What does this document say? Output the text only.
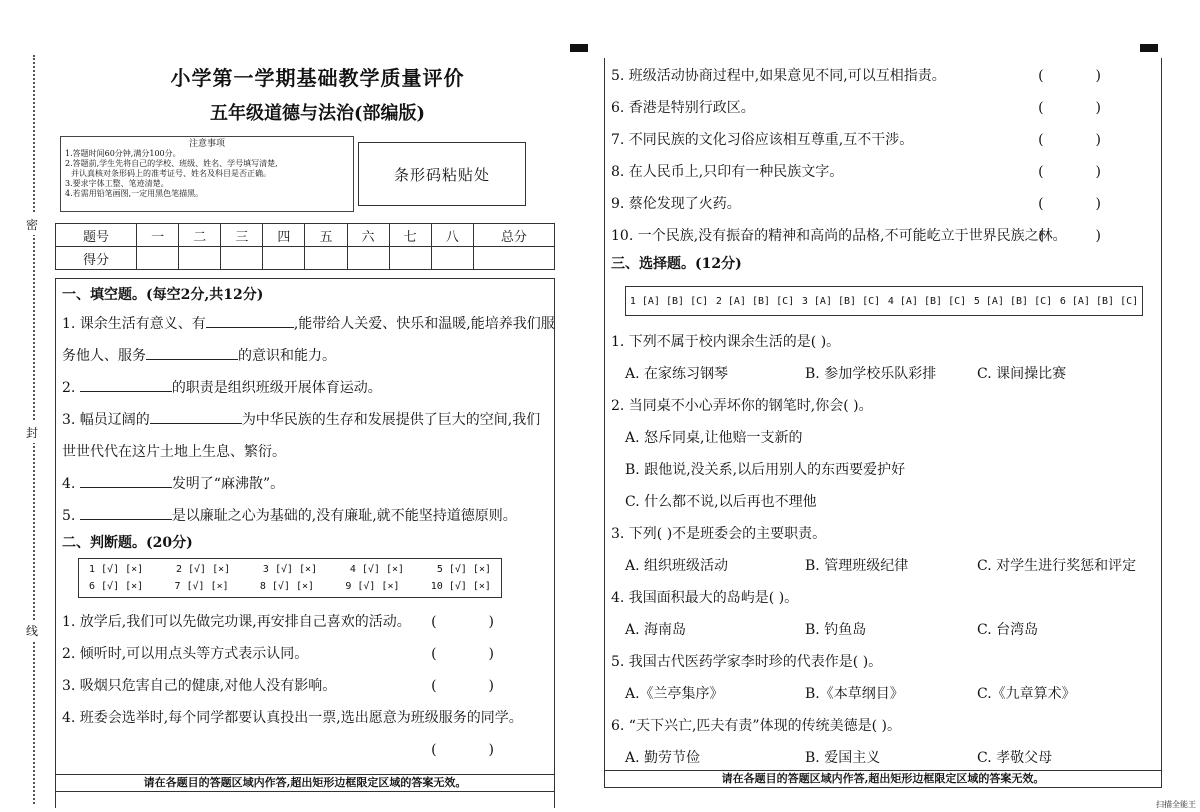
密
封
线
小学第一学期基础教学质量评价
五年级道德与法治(部编版)
注意事项
1.答题时间60分钟,满分100分。
2.答题前,学生先将自己的学校、班级、姓名、学号填写清楚,
并认真核对条形码上的准考证号、姓名及科目是否正确。
3.要求字体工整、笔迹清楚。
4.若需用铅笔画图,一定用黑色笔描黑。
条形码粘贴处
题号	一	二	三	四	五	六	七	八	总分
得分									
一、填空题。(每空2分,共12分)
1. 课余生活有意义、有	,能带给人关爱、快乐和温暖,能培养我们服
务他人、服务	的意识和能力。
2.	的职责是组织班级开展体育运动。
3. 幅员辽阔的	为中华民族的生存和发展提供了巨大的空间,我们
世世代代在这片土地上生息、繁衍。
4.	发明了“麻沸散”。
5.	是以廉耻之心为基础的,没有廉耻,就不能坚持道德原则。
二、判断题。(20分)
1 [√] [×]	2 [√] [×]	3 [√] [×]	4 [√] [×]	5 [√] [×]
6 [√] [×]	7 [√] [×]	8 [√] [×]	9 [√] [×]	10 [√] [×]
1. 放学后,我们可以先做完功课,再安排自己喜欢的活动。 ()
2. 倾听时,可以用点头等方式表示认同。	()
3. 吸烟只危害自己的健康,对他人没有影响。	()
4. 班委会选举时,每个同学都要认真投出一票,选出愿意为班级服务的同学。
()
请在各题目的答题区域内作答,超出矩形边框限定区域的答案无效。
5. 班级活动协商过程中,如果意见不同,可以互相指责。	()
6. 香港是特别行政区。	()
7. 不同民族的文化习俗应该相互尊重,互不干涉。	()
8. 在人民币上,只印有一种民族文字。	()
9. 蔡伦发现了火药。	()
10. 一个民族,没有振奋的精神和高尚的品格,不可能屹立于世界民族之林。
()
三、选择题。(12分)
1 [A] [B] [C] 2 [A] [B] [C] 3 [A] [B] [C] 4 [A] [B] [C] 5 [A] [B] [C] 6 [A] [B] [C]
1. 下列不属于校内课余生活的是( )。
A. 在家练习钢琴	B. 参加学校乐队彩排	C. 课间操比赛
2. 当同桌不小心弄坏你的钢笔时,你会( )。
A. 怒斥同桌,让他赔一支新的
B. 跟他说,没关系,以后用别人的东西要爱护好
C. 什么都不说,以后再也不理他
3. 下列( )不是班委会的主要职责。
A. 组织班级活动	B. 管理班级纪律	C. 对学生进行奖惩和评定
4. 我国面积最大的岛屿是( )。
A. 海南岛	B. 钓鱼岛	C. 台湾岛
5. 我国古代医药学家李时珍的代表作是( )。
A.《兰亭集序》	B.《本草纲目》	C.《九章算术》
6. “天下兴亡,匹夫有责”体现的传统美德是( )。
A. 勤劳节俭	B. 爱国主义	C. 孝敬父母
请在各题目的答题区域内作答,超出矩形边框限定区域的答案无效。
扫描全能王
